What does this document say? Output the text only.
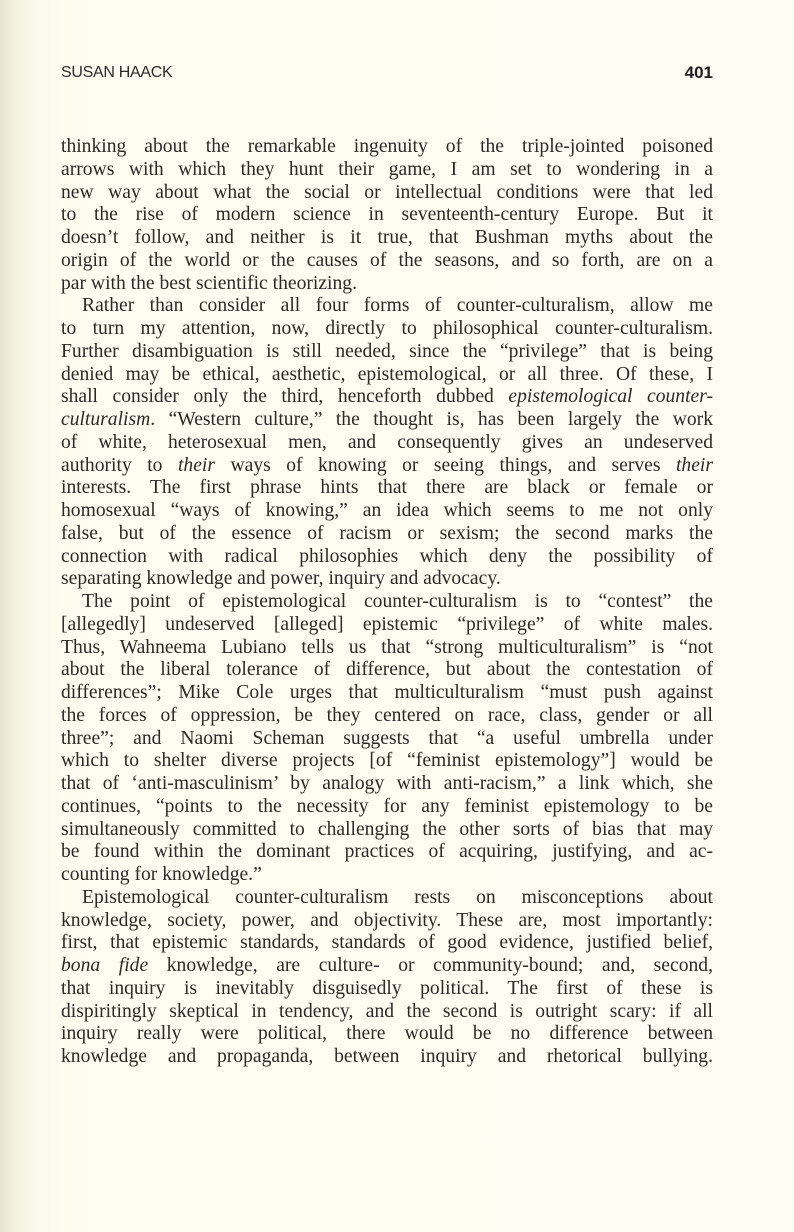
SUSAN HAACK	401
thinking about the remarkable ingenuity of the triple-jointed poisoned
arrows with which they hunt their game, I am set to wondering in a
new way about what the social or intellectual conditions were that led
to the rise of modern science in seventeenth-century Europe. But it
doesn’t follow, and neither is it true, that Bushman myths about the
origin of the world or the causes of the seasons, and so forth, are on a
par with the best scientific theorizing.
Rather than consider all four forms of counter-culturalism, allow me
to turn my attention, now, directly to philosophical counter-culturalism.
Further disambiguation is still needed, since the “privilege” that is being
denied may be ethical, aesthetic, epistemological, or all three. Of these, I
shall consider only the third, henceforth dubbed epistemological counter-
culturalism. “Western culture,” the thought is, has been largely the work
of white, heterosexual men, and consequently gives an undeserved
authority to their ways of knowing or seeing things, and serves their
interests. The first phrase hints that there are black or female or
homosexual “ways of knowing,” an idea which seems to me not only
false, but of the essence of racism or sexism; the second marks the
connection with radical philosophies which deny the possibility of
separating knowledge and power, inquiry and advocacy.
The point of epistemological counter-culturalism is to “contest” the
[allegedly] undeserved [alleged] epistemic “privilege” of white males.
Thus, Wahneema Lubiano tells us that “strong multiculturalism” is “not
about the liberal tolerance of difference, but about the contestation of
differences”; Mike Cole urges that multiculturalism “must push against
the forces of oppression, be they centered on race, class, gender or all
three”; and Naomi Scheman suggests that “a useful umbrella under
which to shelter diverse projects [of “feminist epistemology”] would be
that of ‘anti-masculinism’ by analogy with anti-racism,” a link which, she
continues, “points to the necessity for any feminist epistemology to be
simultaneously committed to challenging the other sorts of bias that may
be found within the dominant practices of acquiring, justifying, and ac-
counting for knowledge.”
Epistemological counter-culturalism rests on misconceptions about
knowledge, society, power, and objectivity. These are, most importantly:
first, that epistemic standards, standards of good evidence, justified belief,
bona fide knowledge, are culture- or community-bound; and, second,
that inquiry is inevitably disguisedly political. The first of these is
dispiritingly skeptical in tendency, and the second is outright scary: if all
inquiry really were political, there would be no difference between
knowledge and propaganda, between inquiry and rhetorical bullying.
